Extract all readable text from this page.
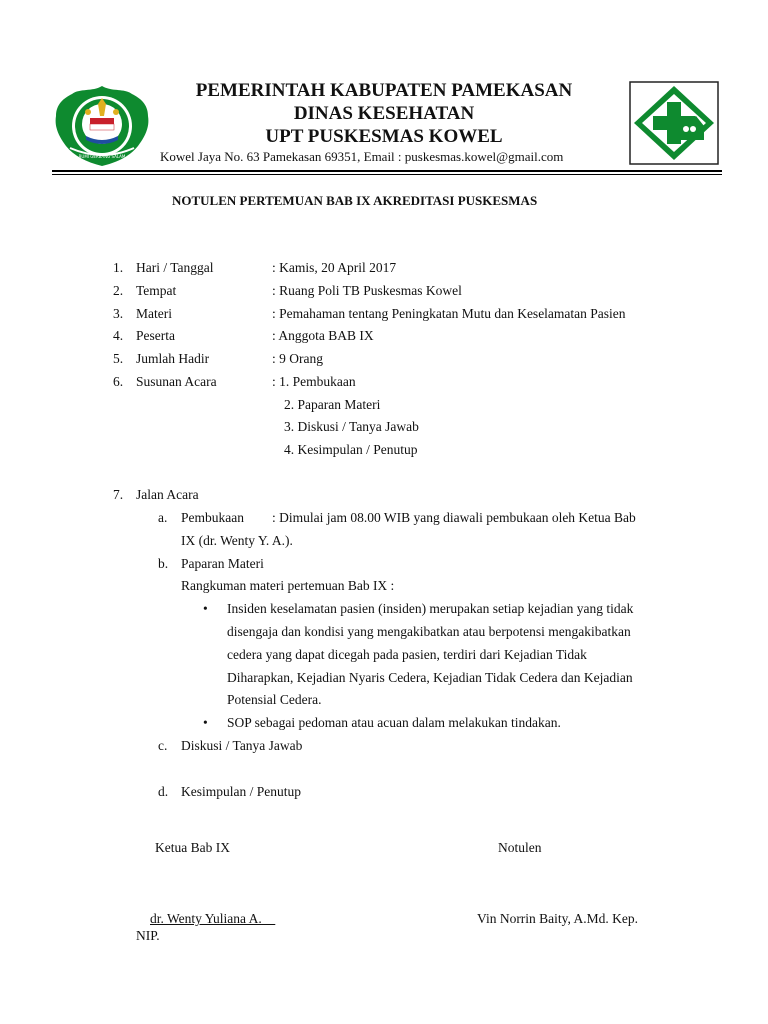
BUMI GERBANG SALAM
PEMERINTAH KABUPATEN PAMEKASAN
DINAS KESEHATAN
UPT PUSKESMAS KOWEL
Kowel Jaya No. 63 Pamekasan 69351, Email : puskesmas.kowel@gmail.com
NOTULEN PERTEMUAN BAB IX AKREDITASI PUSKESMAS
1. Hari / Tanggal	: Kamis, 20 April 2017
2. Tempat	: Ruang Poli TB Puskesmas Kowel
3. Materi	: Pemahaman tentang Peningkatan Mutu dan Keselamatan Pasien
4. Peserta	: Anggota BAB IX
5. Jumlah Hadir	: 9 Orang
6. Susunan Acara	: 1. Pembukaan
2. Paparan Materi
3. Diskusi / Tanya Jawab
4. Kesimpulan / Penutup
7. Jalan Acara
a. Pembukaan : Dimulai jam 08.00 WIB yang diawali pembukaan oleh Ketua Bab
IX (dr. Wenty Y. A.).
b. Paparan Materi
Rangkuman materi pertemuan Bab IX :
• Insiden keselamatan pasien (insiden) merupakan setiap kejadian yang tidak
disengaja dan kondisi yang mengakibatkan atau berpotensi mengakibatkan
cedera yang dapat dicegah pada pasien, terdiri dari Kejadian Tidak
Diharapkan, Kejadian Nyaris Cedera, Kejadian Tidak Cedera dan Kejadian
Potensial Cedera.
• SOP sebagai pedoman atau acuan dalam melakukan tindakan.
c. Diskusi / Tanya Jawab
d. Kesimpulan / Penutup
Ketua Bab IX	Notulen
dr. Wenty Yuliana A.	Vin Norrin Baity, A.Md. Kep.
NIP.
